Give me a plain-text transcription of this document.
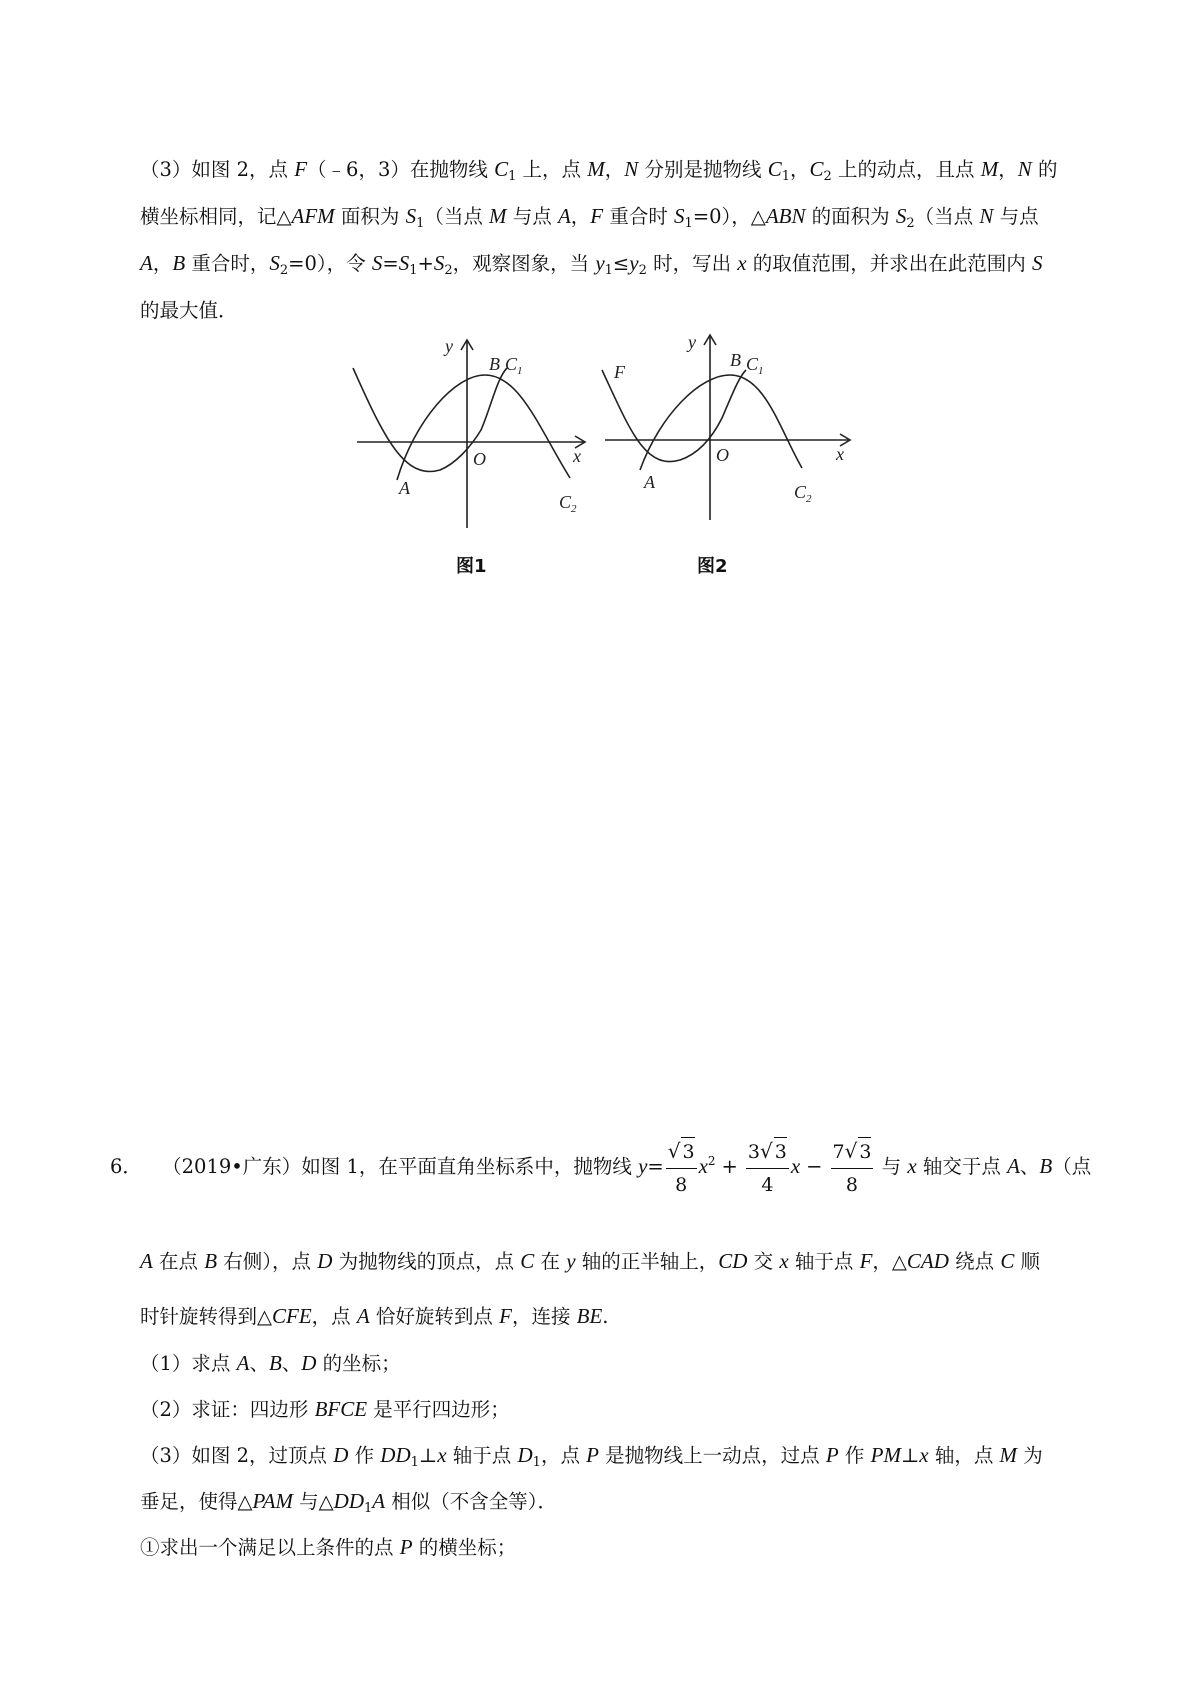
（3）如图 2，点 F（﹣6，3）在抛物线 $C_1$ 上，点 M，N 分别是抛物线 $C_1$，$C_2$ 上的动点，且点 M，N 的
横坐标相同，记△AFM 面积为 $S_1$（当点 M 与点 A，F 重合时 $S_1=0$），△ABN 的面积为 $S_2$（当点 N 与点
A，B 重合时，$S_2=0$），令 $S=S_1+S_2$，观察图象，当 $y_1\le y_2$ 时，写出 x 的取值范围，并求出在此范围内 S
的最大值．
y
x
O
A
B $C_1$
$C_2$
y
x
O
A
B
F	$C_1$
$C_2$
图1	图2
6． （2019•广东）如图 1，在平面直角坐标系中，抛物线 $y= \frac{√ 3}{8} x^2 + \frac{3√ 3}{4}$ $x - \frac{7√ 3}{8}$ 与 x 轴交于点 A、B（点
A 在点 B 右侧），点 D 为抛物线的顶点，点 C 在 y 轴的正半轴上，CD 交 x 轴于点 F，△CAD 绕点 C 顺
时针旋转得到△CFE，点 A 恰好旋转到点 F，连接 BE.
（1）求点 A、B、D 的坐标；
（2）求证：四边形 BFCE 是平行四边形；
（3）如图 2，过顶点 D 作 $DD_1\perp x$ 轴于点 $D_1$，点 P 是抛物线上一动点，过点 P 作 PM⊥x 轴，点 M 为
垂足，使得△PAM 与$\triangle DD_1A$ 相似（不含全等）．
①求出一个满足以上条件的点 P 的横坐标；
